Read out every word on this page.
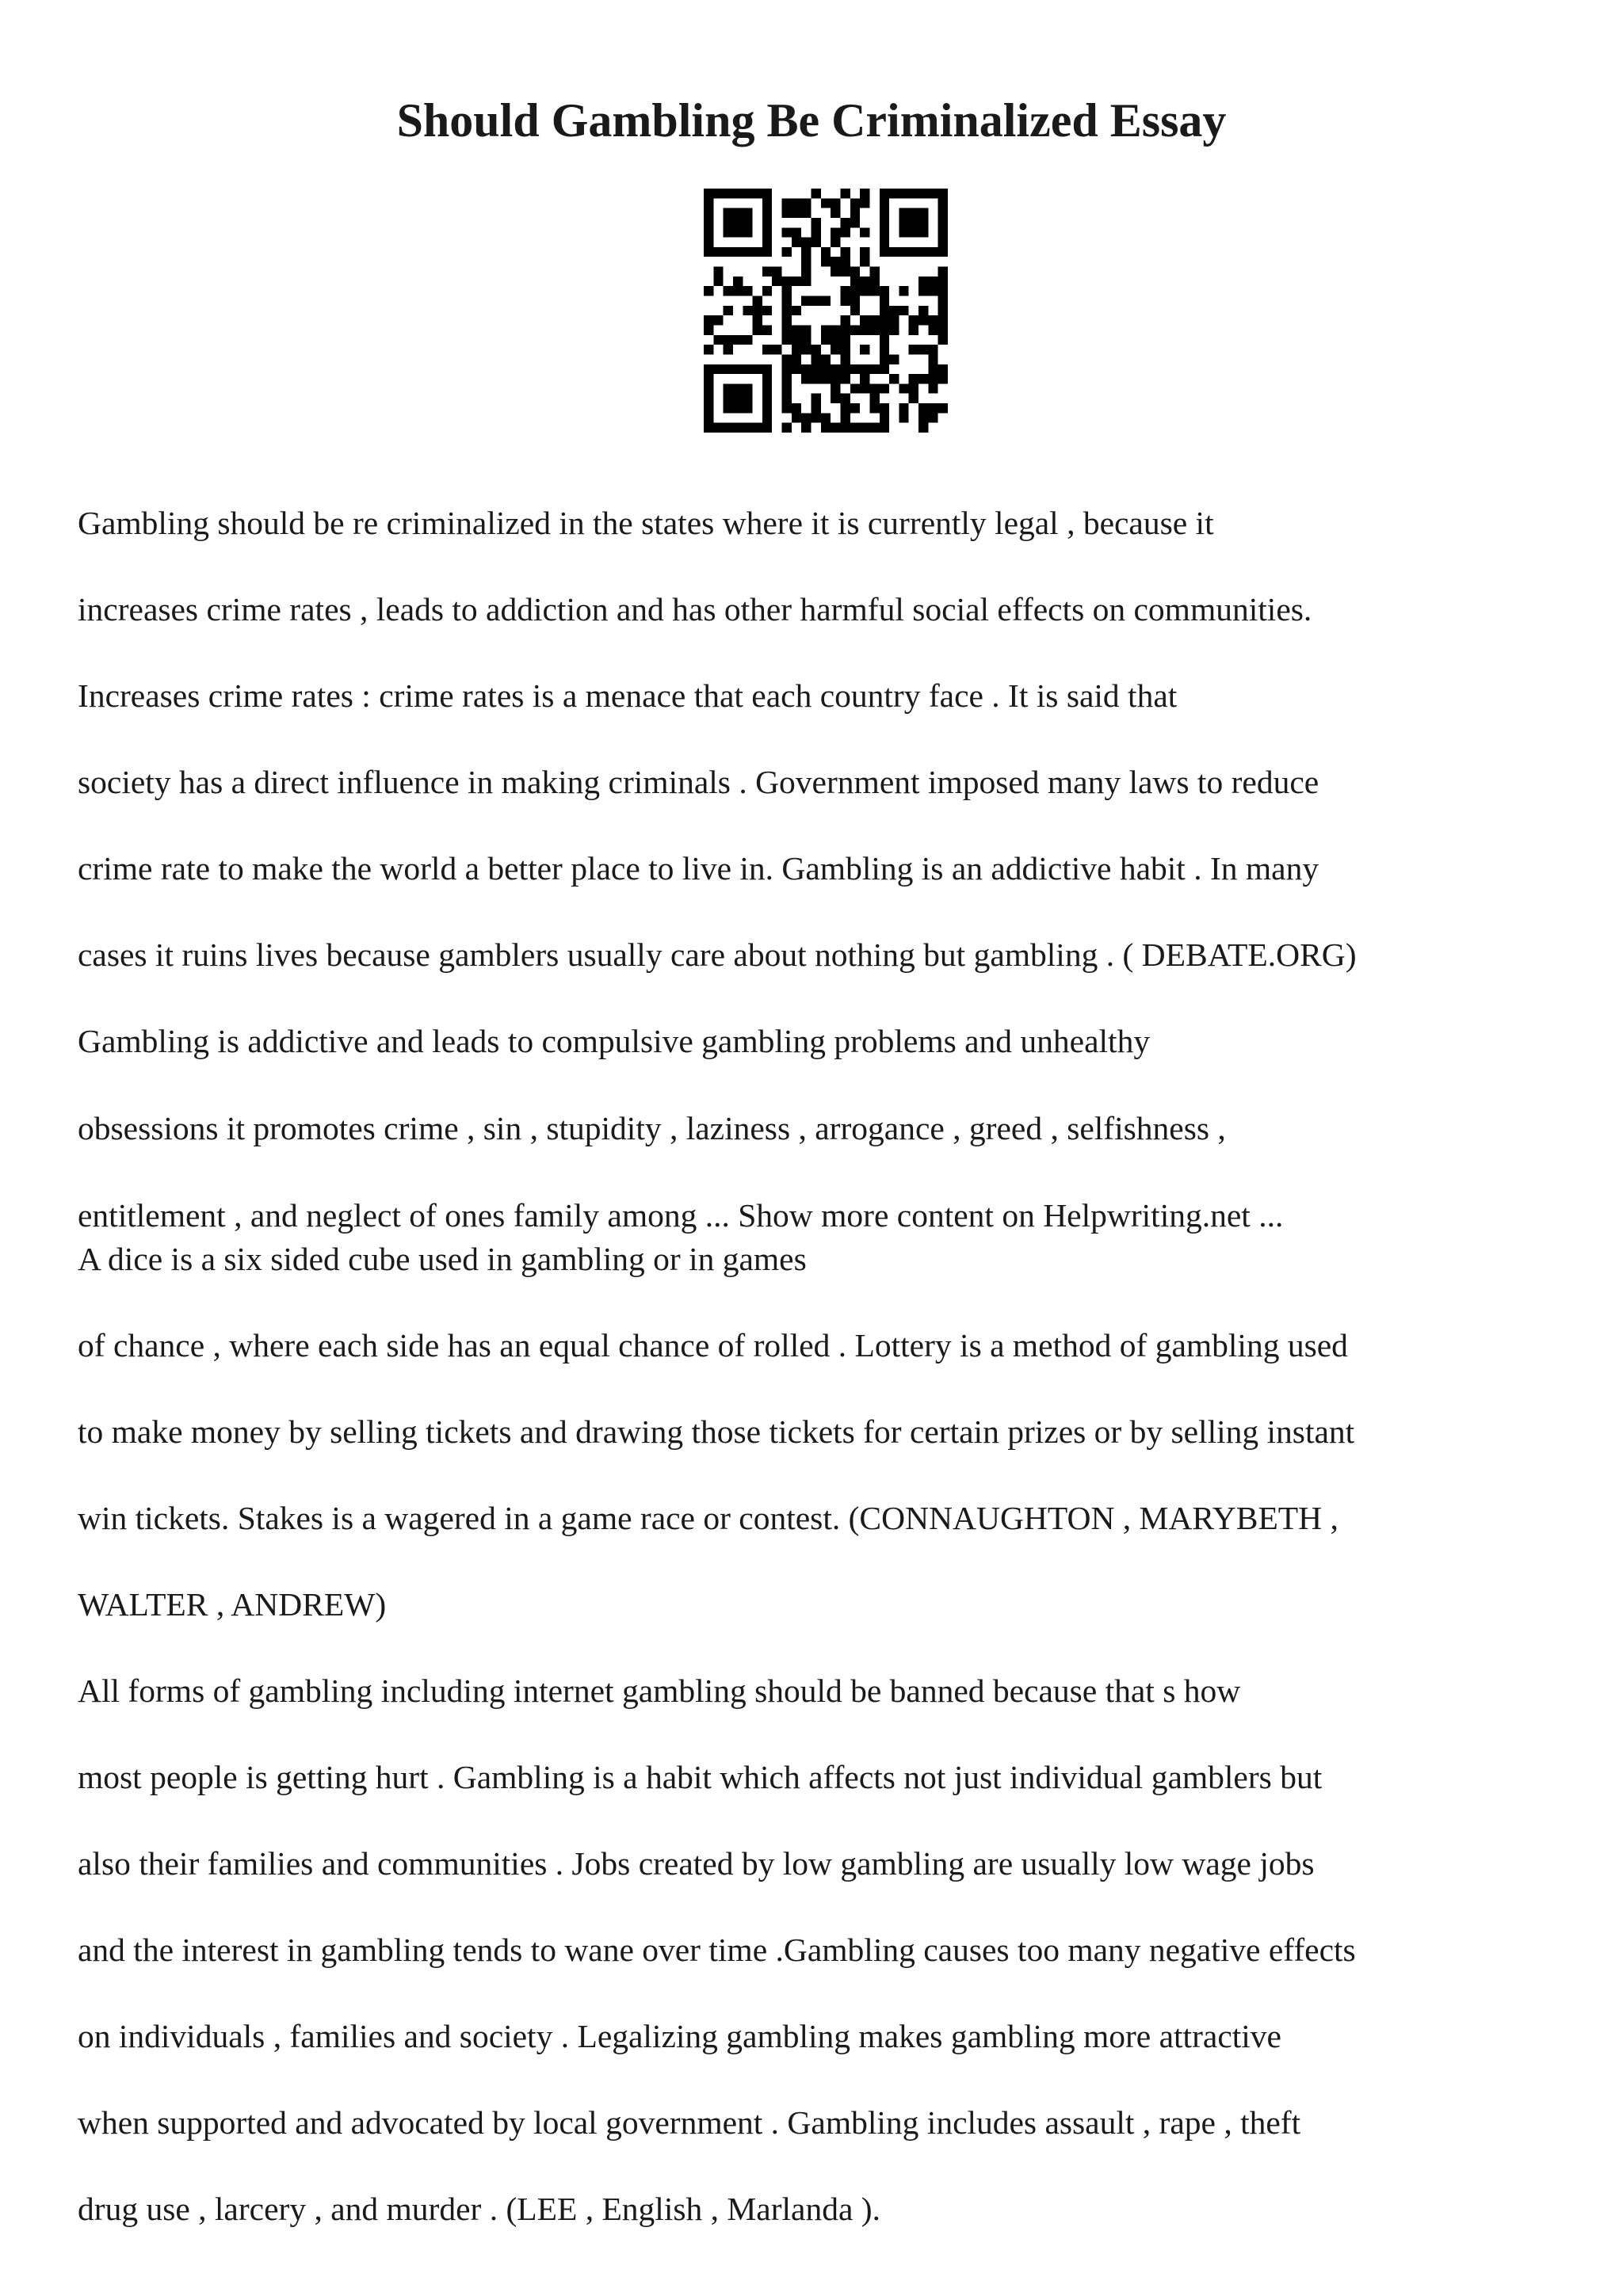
Should Gambling Be Criminalized Essay

Gambling should be re criminalized in the states where it is currently legal , because it

increases crime rates , leads to addiction and has other harmful social effects on communities.

Increases crime rates : crime rates is a menace that each country face . It is said that

society has a direct influence in making criminals . Government imposed many laws to reduce

crime rate to make the world a better place to live in. Gambling is an addictive habit . In many

cases it ruins lives because gamblers usually care about nothing but gambling . ( DEBATE.ORG)

Gambling is addictive and leads to compulsive gambling problems and unhealthy

obsessions it promotes crime , sin , stupidity , laziness , arrogance , greed , selfishness ,

entitlement , and neglect of ones family among ... Show more content on Helpwriting.net ...

A dice is a six sided cube used in gambling or in games

of chance , where each side has an equal chance of rolled . Lottery is a method of gambling used

to make money by selling tickets and drawing those tickets for certain prizes or by selling instant

win tickets. Stakes is a wagered in a game race or contest. (CONNAUGHTON , MARYBETH ,

WALTER , ANDREW)

All forms of gambling including internet gambling should be banned because that s how

most people is getting hurt . Gambling is a habit which affects not just individual gamblers but

also their families and communities . Jobs created by low gambling are usually low wage jobs

and the interest in gambling tends to wane over time .Gambling causes too many negative effects

on individuals , families and society . Legalizing gambling makes gambling more attractive

when supported and advocated by local government . Gambling includes assault , rape , theft

drug use , larcery , and murder . (LEE , English , Marlanda ).
